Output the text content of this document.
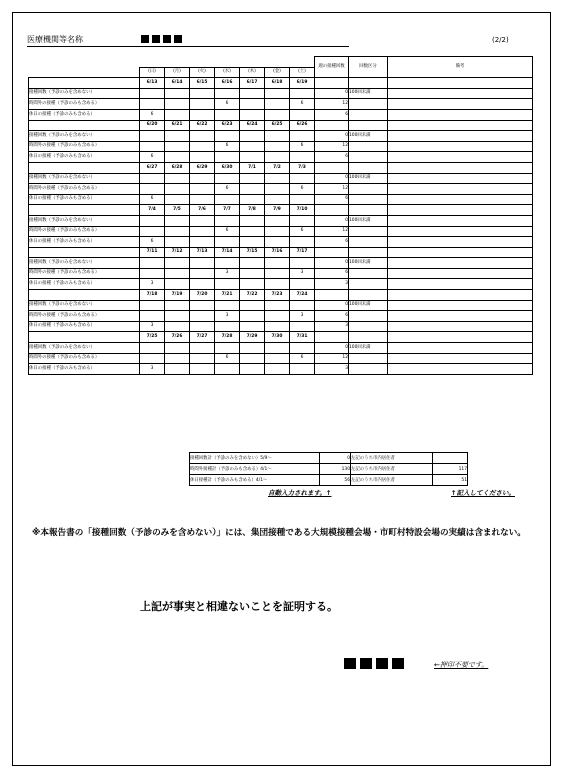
医療機関等名称	(2/2)
								週の接種回数	回数区分	備考
	(日)	(月)	(火)	(水)	(木)	(金)	(土)			
	6/13	6/14	6/15	6/16	6/17	6/18	6/19			
接種回数（予診のみを含めない）								0	100回未満	
時間外の接種（予診のみも含める）				6			6	12		
休日の接種（予診のみも含める）	6							6		
	6/20	6/21	6/22	6/23	6/24	6/25	6/26			
接種回数（予診のみを含めない）								0	100回未満	
時間外の接種（予診のみも含める）				6			6	12		
休日の接種（予診のみも含める）	6							6		
	6/27	6/28	6/29	6/30	7/1	7/2	7/3			
接種回数（予診のみを含めない）								0	100回未満	
時間外の接種（予診のみも含める）				6			6	12		
休日の接種（予診のみも含める）	6							6		
	7/4	7/5	7/6	7/7	7/8	7/9	7/10			
接種回数（予診のみを含めない）								0	100回未満	
時間外の接種（予診のみも含める）				6			6	12		
休日の接種（予診のみも含める）	6							6		
	7/11	7/12	7/13	7/14	7/15	7/16	7/17			
接種回数（予診のみを含めない）								0	100回未満	
時間外の接種（予診のみも含める）				3			3	6		
休日の接種（予診のみも含める）	3							3		
	7/18	7/19	7/20	7/21	7/22	7/23	7/24			
接種回数（予診のみを含めない）								0	100回未満	
時間外の接種（予診のみも含める）				3			3	6		
休日の接種（予診のみも含める）	3							3		
	7/25	7/26	7/27	7/28	7/29	7/30	7/31			
接種回数（予診のみを含めない）								0	100回未満	
時間外の接種（予診のみも含める）				6			6	12		
休日の接種（予診のみも含める）	3							3		
接種回数計（予診のみを含めない）5/9～	0	左記のうち市内居住者	
時間外接種計（予診のみも含める）4/1～	130	左記のうち市内居住者	117
休日接種計（予診のみも含める）4/1～	56	左記のうち市内居住者	51
自動入力されます。↑	↑記入してください。
※本報告書の「接種回数（予診のみを含めない）」には、集団接種である大規模接種会場・市町村特設会場の実績は含まれない。
上記が事実と相違ないことを証明する。
←押印不要です。
